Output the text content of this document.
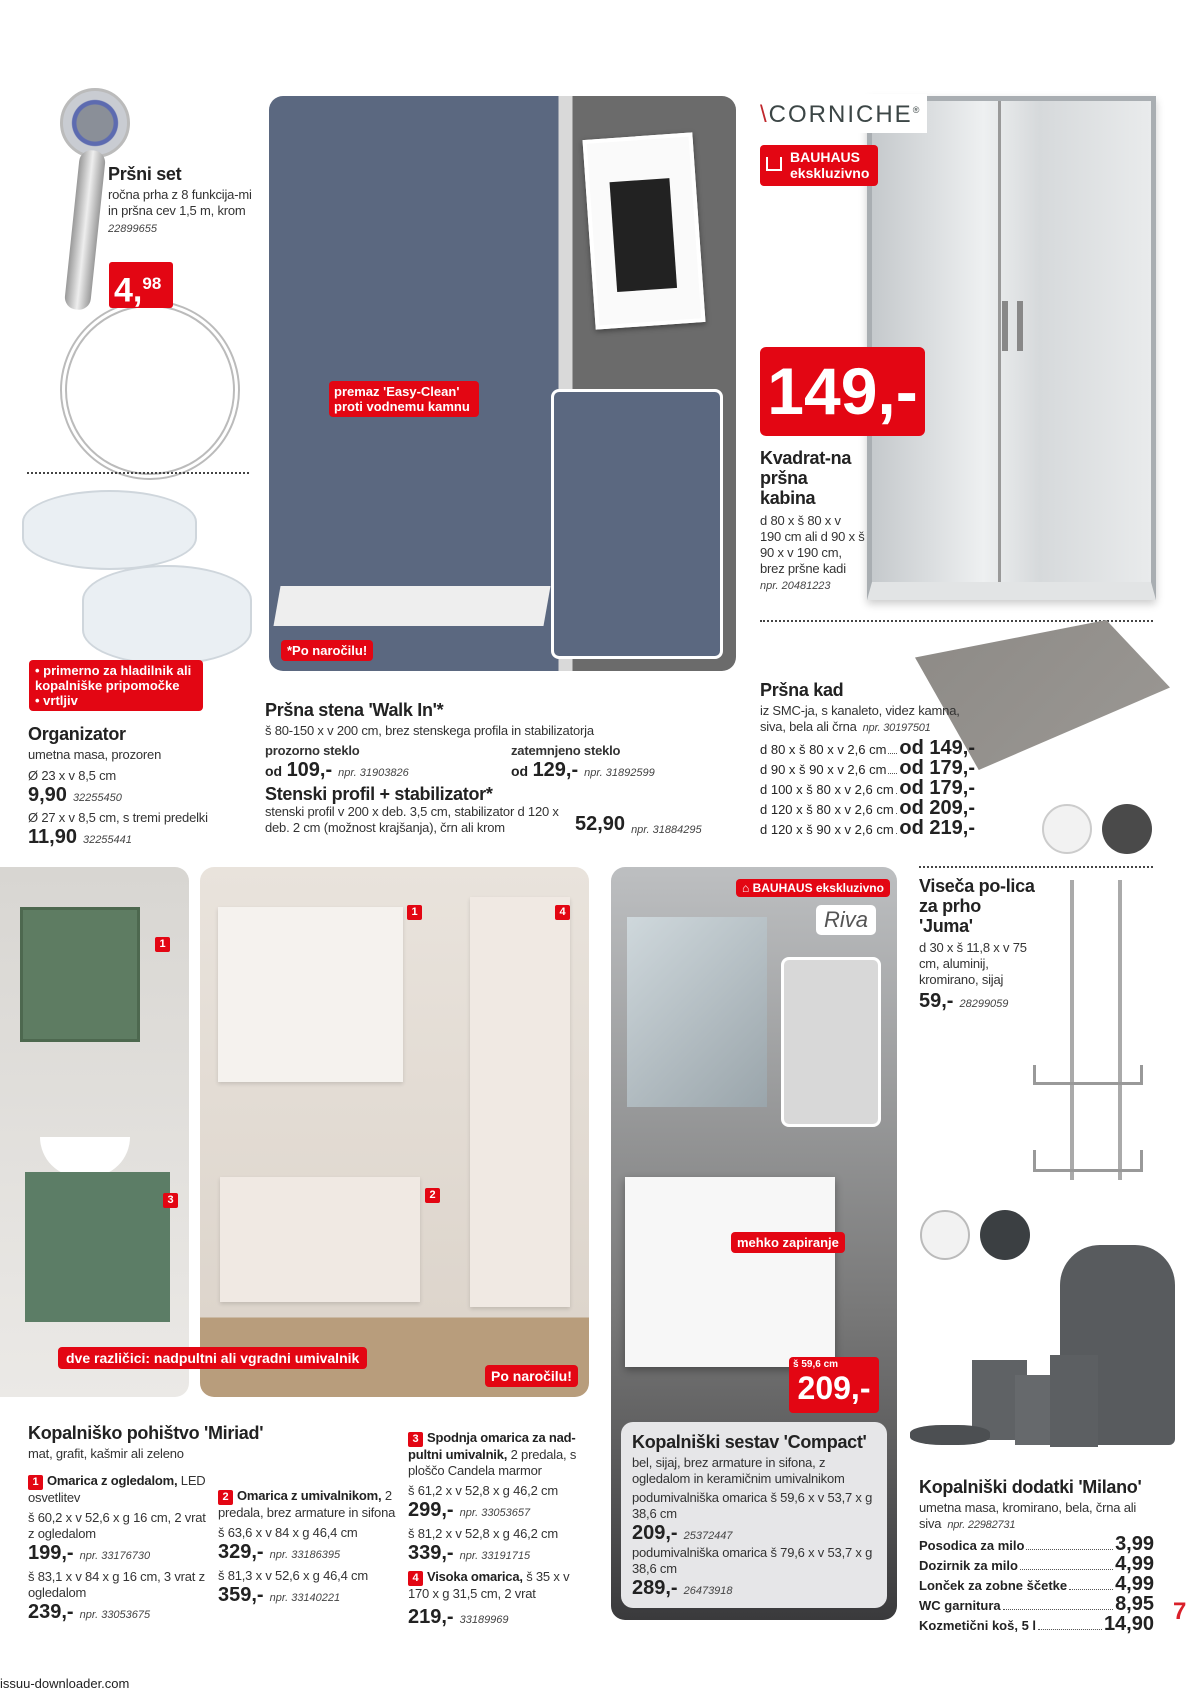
Pršni set
ročna prha z 8 funkcija-mi in pršna cev 1,5 m, krom
22899655
4,98
• primerno za hladilnik ali kopalniške pripomočke
• vrtljiv
Organizator
umetna masa, prozoren
Ø 23 x v 8,5 cm
9,90 32255450
Ø 27 x v 8,5 cm, s tremi predelki
11,90 32255441
premaz 'Easy-Clean' proti vodnemu kamnu
*Po naročilu!
Pršna stena 'Walk In'*
š 80-150 x v 200 cm, brez stenskega profila in stabilizatorja
prozorno steklo
od 109,- npr. 31903826
zatemnjeno steklo
od 129,- npr. 31892599
Stenski profil + stabilizator*
stenski profil v 200 x deb. 3,5 cm, stabilizator d 120 x deb. 2 cm (možnost krajšanja), črn ali krom	52,90 npr. 31884295
\CORNICHE®
BAUHAUS
ekskluzivno
149,-
Kvadrat-na pršna kabina
d 80 x š 80 x v 190 cm ali d 90 x š 90 x v 190 cm, brez pršne kadi
npr. 20481223
Pršna kad
iz SMC-ja, s kanaleto, videz kamna, siva, bela ali črna npr. 30197501
d 80 x š 80 x v 2,6 cm od 149,-
d 90 x š 90 x v 2,6 cm od 179,-
d 100 x š 80 x v 2,6 cm od 179,-
d 120 x š 80 x v 2,6 cm od 209,-
d 120 x š 90 x v 2,6 cm od 219,-
1
3
1
2
4
Po naročilu!
dve različici: nadpultni ali vgradni umivalnik
⌂ BAUHAUS ekskluzivno
Riva
mehko zapiranje
š 59,6 cm
209,-
Kopalniški sestav 'Compact'
bel, sijaj, brez armature in sifona, z ogledalom in keramičnim umivalnikom
podumivalniška omarica š 59,6 x v 53,7 x g 38,6 cm
209,- 25372447
podumivalniška omarica š 79,6 x v 53,7 x g 38,6 cm
289,- 26473918
Viseča po-lica za prho 'Juma'
d 30 x š 11,8 x v 75 cm, aluminij, kromirano, sijaj
59,- 28299059
Kopalniški dodatki 'Milano'
umetna masa, kromirano, bela, črna ali siva npr. 22982731
Posodica za milo	3,99
Dozirnik za milo	4,99
Lonček za zobne ščetke 4,99
WC garnitura	8,95
Kozmetični koš, 5 l	14,90 7
Kopalniško pohištvo 'Miriad'
mat, grafit, kašmir ali zeleno
1 Omarica z ogledalom, LED osvetlitev
š 60,2 x v 52,6 x g 16 cm, 2 vrat z ogledalom
199,- npr. 33176730
š 83,1 x v 84 x g 16 cm, 3 vrat z ogledalom
239,- npr. 33053675
2 Omarica z umivalnikom, 2 predala, brez armature in sifona
š 63,6 x v 84 x g 46,4 cm
329,- npr. 33186395
š 81,3 x v 52,6 x g 46,4 cm
359,- npr. 33140221
3 Spodnja omarica za nad-pultni umivalnik, 2 predala, s ploščo Candela marmor
š 61,2 x v 52,8 x g 46,2 cm
299,- npr. 33053657
š 81,2 x v 52,8 x g 46,2 cm
339,- npr. 33191715
4 Visoka omarica, š 35 x v 170 x g 31,5 cm, 2 vrat
219,- 33189969
issuu-downloader.com
